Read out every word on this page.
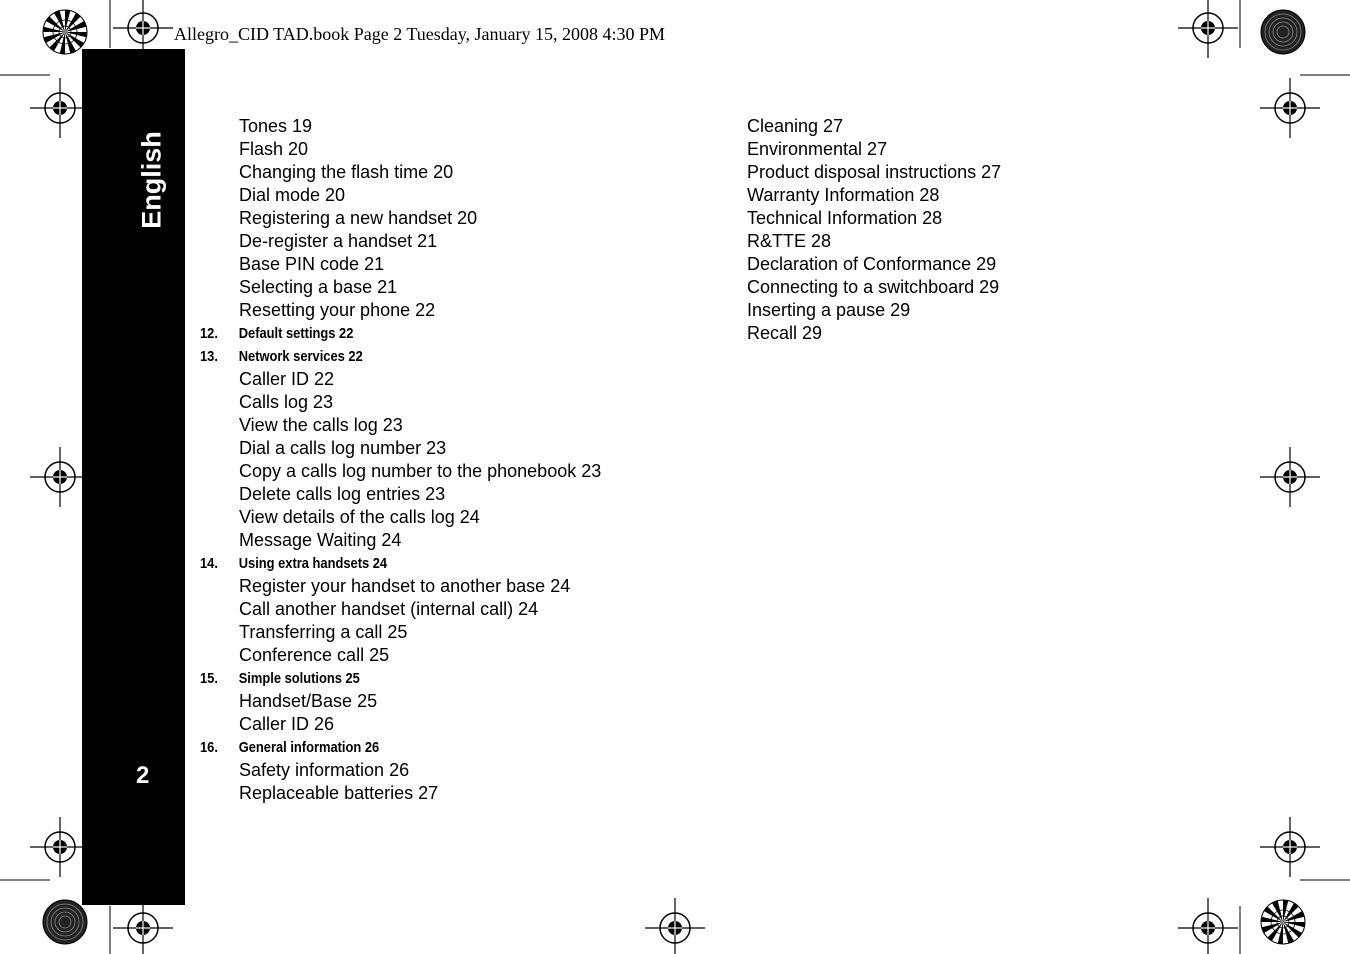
Allegro_CID TAD.book Page 2 Tuesday, January 15, 2008 4:30 PM
English
2
Tones 19
Flash 20
Changing the flash time 20
Dial mode 20
Registering a new handset 20
De-register a handset 21
Base PIN code 21
Selecting a base 21
Resetting your phone 22
12. Default settings 22
13. Network services 22
Caller ID 22
Calls log 23
View the calls log 23
Dial a calls log number 23
Copy a calls log number to the phonebook 23
Delete calls log entries 23
View details of the calls log 24
Message Waiting 24
14. Using extra handsets 24
Register your handset to another base 24
Call another handset (internal call) 24
Transferring a call 25
Conference call 25
15. Simple solutions 25
Handset/Base 25
Caller ID 26
16. General information 26
Safety information 26
Replaceable batteries 27
Cleaning 27
Environmental 27
Product disposal instructions 27
Warranty Information 28
Technical Information 28
R&TTE 28
Declaration of Conformance 29
Connecting to a switchboard 29
Inserting a pause 29
Recall 29
